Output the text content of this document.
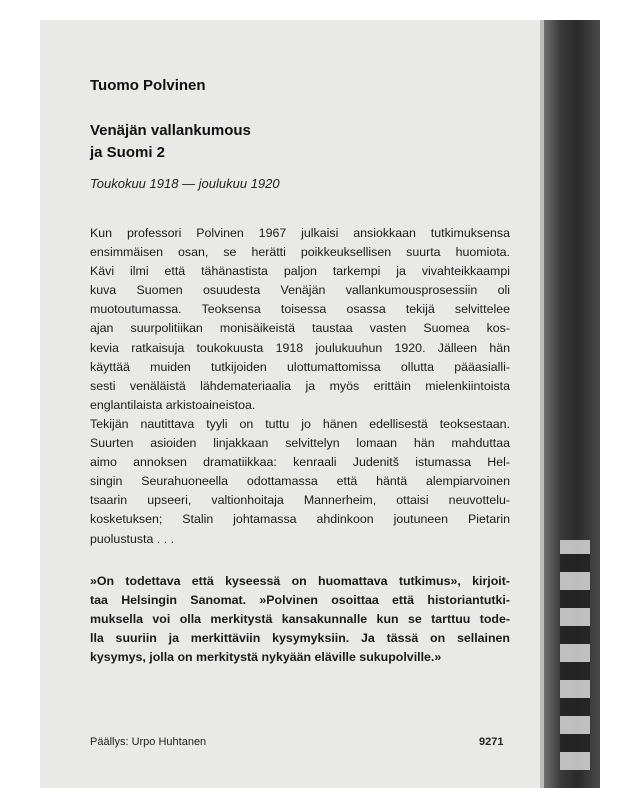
Tuomo Polvinen
Venäjän vallankumous
ja Suomi 2
Toukokuu 1918 — joulukuu 1920
Kun professori Polvinen 1967 julkaisi ansiokkaan tutkimuksensa
ensimmäisen osan, se herätti poikkeuksellisen suurta huomiota.
Kävi ilmi että tähänastista paljon tarkempi ja vivahteikkaampi
kuva Suomen osuudesta Venäjän vallankumousprosessiin oli
muotoutumassa. Teoksensa toisessa osassa tekijä selvittelee
ajan suurpolitiikan monisäikeistä taustaa vasten Suomea kos-
kevia ratkaisuja toukokuusta 1918 joulukuuhun 1920. Jälleen hän
käyttää muiden tutkijoiden ulottumattomissa ollutta pääasialli-
sesti venäläistä lähdemateriaalia ja myös erittäin mielenkiintoista
englantilaista arkistoaineistoa.
Tekijän nautittava tyyli on tuttu jo hänen edellisestä teoksestaan.
Suurten asioiden linjakkaan selvittelyn lomaan hän mahduttaa
aimo annoksen dramatiikkaa: kenraali Judenitš istumassa Hel-
singin Seurahuoneella odottamassa että häntä alempiarvoinen
tsaarin upseeri, valtionhoitaja Mannerheim, ottaisi neuvottelu-
kosketuksen; Stalin johtamassa ahdinkoon joutuneen Pietarin
puolustusta . . .
»On todettava että kyseessä on huomattava tutkimus», kirjoit-
taa Helsingin Sanomat. »Polvinen osoittaa että historiantutki-
muksella voi olla merkitystä kansakunnalle kun se tarttuu tode-
lla suuriin ja merkittäviin kysymyksiin. Ja tässä on sellainen
kysymys, jolla on merkitystä nykyään eläville sukupolville.»
Päällys: Urpo Huhtanen	9271
